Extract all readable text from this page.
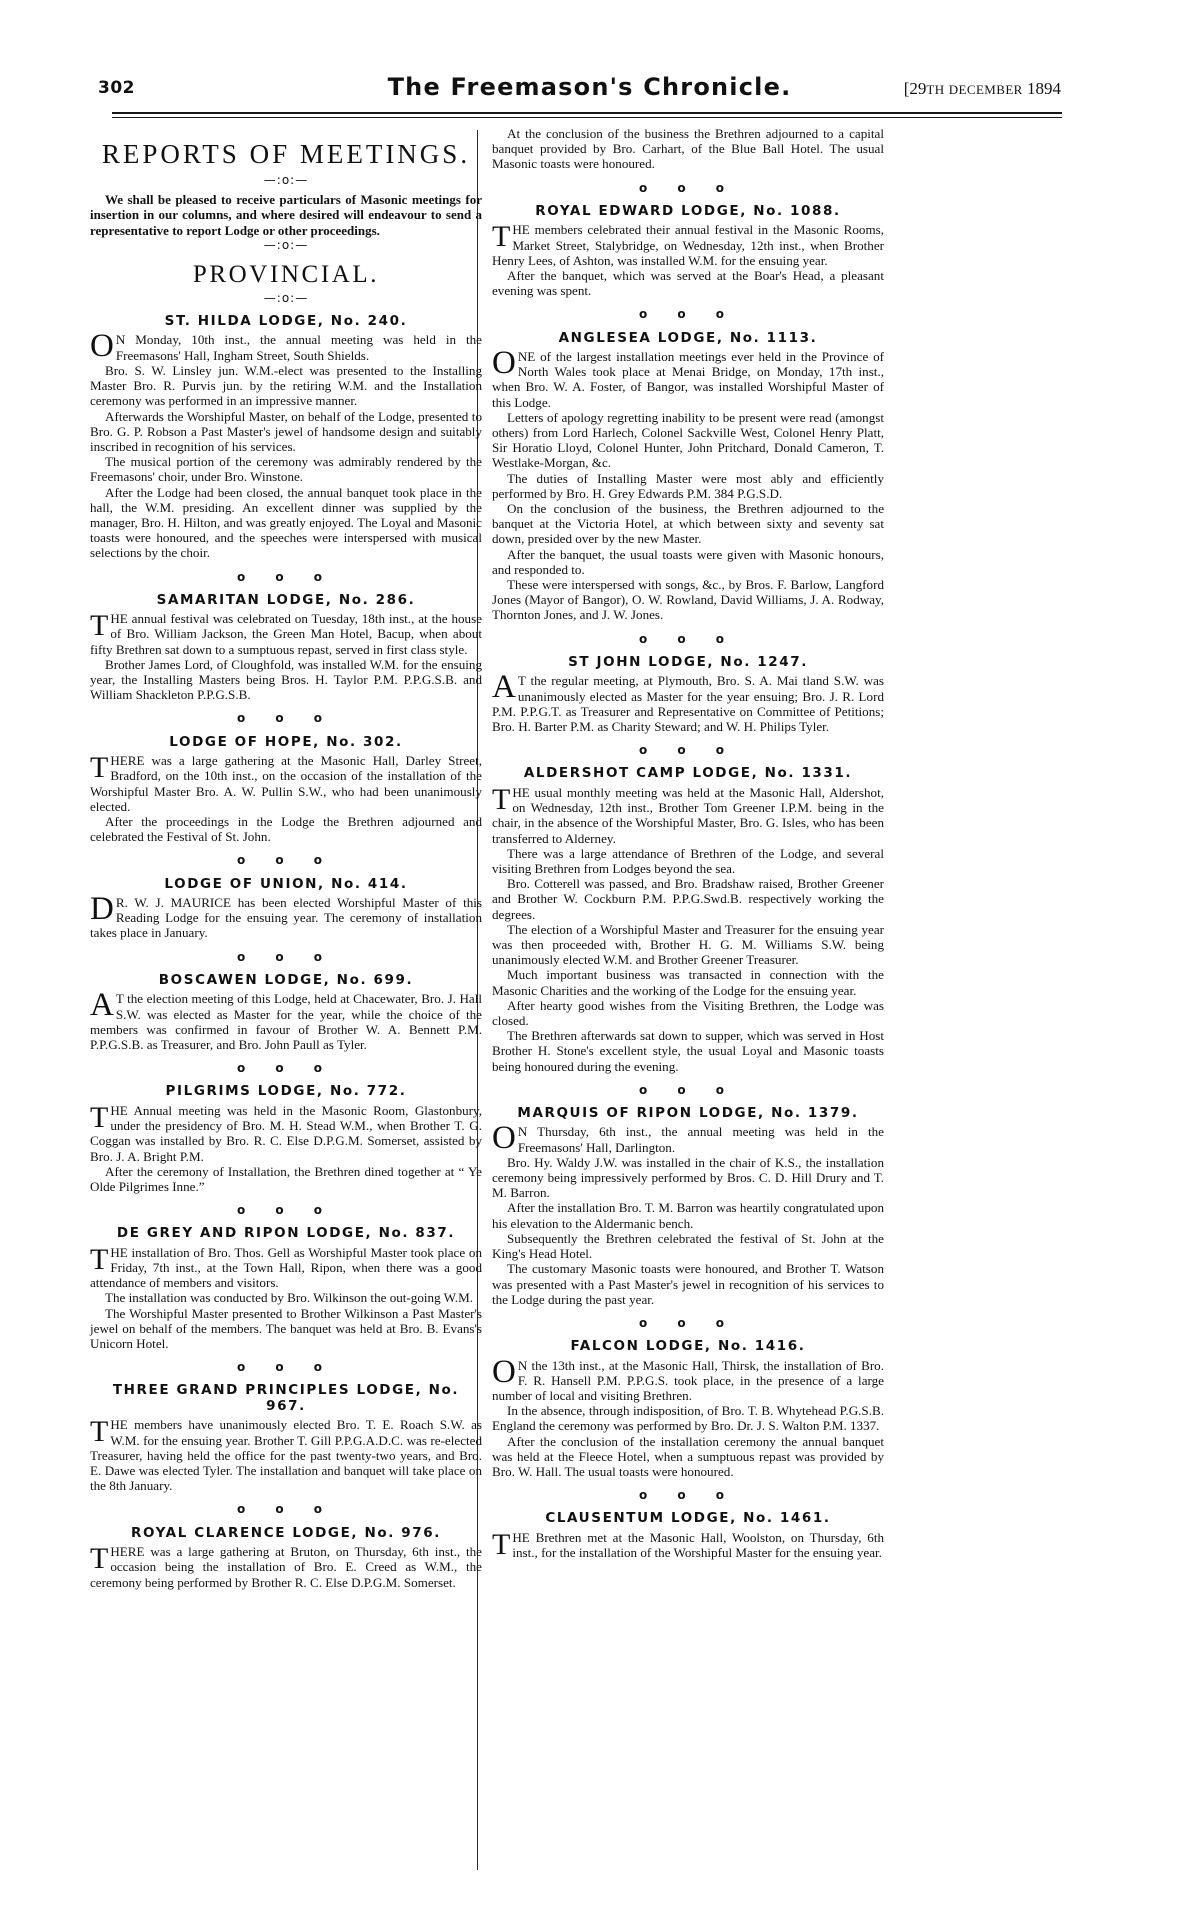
302	The Freemason's Chronicle.	[29TH DECEMBER 1894
REPORTS OF MEETINGS.
—:o:—

We shall be pleased to receive particulars of Masonic meetings for insertion in our columns, and where desired will endeavour to send a representative to report Lodge or other proceedings.

—:o:—
PROVINCIAL.
—:o:—
ST. HILDA LODGE, No. 240.

O N Monday, 10th inst., the annual meeting was held in the Freemasons' Hall, Ingham Street, South Shields.

Bro. S. W. Linsley jun. W.M.-elect was presented to the Installing Master Bro. R. Purvis jun. by the retiring W.M. and the Installation ceremony was performed in an impressive manner.

Afterwards the Worshipful Master, on behalf of the Lodge, presented to Bro. G. P. Robson a Past Master's jewel of handsome design and suitably inscribed in recognition of his services.

The musical portion of the ceremony was admirably rendered by the Freemasons' choir, under Bro. Winstone.

After the Lodge had been closed, the annual banquet took place in the hall, the W.M. presiding. An excellent dinner was supplied by the manager, Bro. H. Hilton, and was greatly enjoyed. The Loyal and Masonic toasts were honoured, and the speeches were interspersed with musical selections by the choir.

o o o
SAMARITAN LODGE, No. 286.

THE annual festival was celebrated on Tuesday, 18th inst., at the house of Bro. William Jackson, the Green Man Hotel, Bacup, when about fifty Brethren sat down to a sumptuous repast, served in first class style.

Brother James Lord, of Cloughfold, was installed W.M. for the ensuing year, the Installing Masters being Bros. H. Taylor P.M. P.P.G.S.B. and William Shackleton P.P.G.S.B.

o o o
LODGE OF HOPE, No. 302.

THERE was a large gathering at the Masonic Hall, Darley Street, Bradford, on the 10th inst., on the occasion of the installation of the Worshipful Master Bro. A. W. Pullin S.W., who had been unanimously elected.

After the proceedings in the Lodge the Brethren adjourned and celebrated the Festival of St. John.

o o o
LODGE OF UNION, No. 414.

D R. W. J. MAURICE has been elected Worshipful Master of this Reading Lodge for the ensuing year. The ceremony of installation takes place in January.

o o o
BOSCAWEN LODGE, No. 699.

A T the election meeting of this Lodge, held at Chacewater, Bro. J. Hall S.W. was elected as Master for the year, while the choice of the members was confirmed in favour of Brother W. A. Bennett P.M. P.P.G.S.B. as Treasurer, and Bro. John Paull as Tyler.

o o o
PILGRIMS LODGE, No. 772.

THE Annual meeting was held in the Masonic Room, Glastonbury, under the presidency of Bro. M. H. Stead W.M., when Brother T. G. Coggan was installed by Bro. R. C. Else D.P.G.M. Somerset, assisted by Bro. J. A. Bright P.M.

After the ceremony of Installation, the Brethren dined together at “ Ye Olde Pilgrimes Inne.”

o o o
DE GREY AND RIPON LODGE, No. 837.

THE installation of Bro. Thos. Gell as Worshipful Master took place on Friday, 7th inst., at the Town Hall, Ripon, when there was a good attendance of members and visitors.

The installation was conducted by Bro. Wilkinson the out-going W.M.

The Worshipful Master presented to Brother Wilkinson a Past Master's jewel on behalf of the members. The banquet was held at Bro. B. Evans's Unicorn Hotel.

o o o
THREE GRAND PRINCIPLES LODGE, No. 967.

THE members have unanimously elected Bro. T. E. Roach S.W. as W.M. for the ensuing year. Brother T. Gill P.P.G.A.D.C. was re-elected Treasurer, having held the office for the past twenty-two years, and Bro. E. Dawe was elected Tyler. The installation and banquet will take place on the 8th January.

o o o
ROYAL CLARENCE LODGE, No. 976.

THERE was a large gathering at Bruton, on Thursday, 6th inst., the occasion being the installation of Bro. E. Creed as W.M., the ceremony being performed by Brother R. C. Else D.P.G.M. Somerset.

At the conclusion of the business the Brethren adjourned to a capital banquet provided by Bro. Carhart, of the Blue Ball Hotel. The usual Masonic toasts were honoured.

o o o
ROYAL EDWARD LODGE, No. 1088.

THE members celebrated their annual festival in the Masonic Rooms, Market Street, Stalybridge, on Wednesday, 12th inst., when Brother Henry Lees, of Ashton, was installed W.M. for the ensuing year.

After the banquet, which was served at the Boar's Head, a pleasant evening was spent.

o o o
ANGLESEA LODGE, No. 1113.

ONE of the largest installation meetings ever held in the Province of North Wales took place at Menai Bridge, on Monday, 17th inst., when Bro. W. A. Foster, of Bangor, was installed Worshipful Master of this Lodge.

Letters of apology regretting inability to be present were read (amongst others) from Lord Harlech, Colonel Sackville West, Colonel Henry Platt, Sir Horatio Lloyd, Colonel Hunter, John Pritchard, Donald Cameron, T. Westlake-Morgan, &c.

The duties of Installing Master were most ably and efficiently performed by Bro. H. Grey Edwards P.M. 384 P.G.S.D.

On the conclusion of the business, the Brethren adjourned to the banquet at the Victoria Hotel, at which between sixty and seventy sat down, presided over by the new Master.

After the banquet, the usual toasts were given with Masonic honours, and responded to.

These were interspersed with songs, &c., by Bros. F. Barlow, Langford Jones (Mayor of Bangor), O. W. Rowland, David Williams, J. A. Rodway, Thornton Jones, and J. W. Jones.

o o o
ST JOHN LODGE, No. 1247.

A T the regular meeting, at Plymouth, Bro. S. A. Mai tland S.W. was unanimously elected as Master for the year ensuing; Bro. J. R. Lord P.M. P.P.G.T. as Treasurer and Representative on Committee of Petitions; Bro. H. Barter P.M. as Charity Steward; and W. H. Philips Tyler.

o o o
ALDERSHOT CAMP LODGE, No. 1331.

THE usual monthly meeting was held at the Masonic Hall, Aldershot, on Wednesday, 12th inst., Brother Tom Greener I.P.M. being in the chair, in the absence of the Worshipful Master, Bro. G. Isles, who has been transferred to Alderney.

There was a large attendance of Brethren of the Lodge, and several visiting Brethren from Lodges beyond the sea.

Bro. Cotterell was passed, and Bro. Bradshaw raised, Brother Greener and Brother W. Cockburn P.M. P.P.G.Swd.B. respectively working the degrees.

The election of a Worshipful Master and Treasurer for the ensuing year was then proceeded with, Brother H. G. M. Williams S.W. being unanimously elected W.M. and Brother Greener Treasurer.

Much important business was transacted in connection with the Masonic Charities and the working of the Lodge for the ensuing year.

After hearty good wishes from the Visiting Brethren, the Lodge was closed.

The Brethren afterwards sat down to supper, which was served in Host Brother H. Stone's excellent style, the usual Loyal and Masonic toasts being honoured during the evening.

o o o
MARQUIS OF RIPON LODGE, No. 1379.

O N Thursday, 6th inst., the annual meeting was held in the Freemasons' Hall, Darlington.

Bro. Hy. Waldy J.W. was installed in the chair of K.S., the installation ceremony being impressively performed by Bros. C. D. Hill Drury and T. M. Barron.

After the installation Bro. T. M. Barron was heartily congratulated upon his elevation to the Aldermanic bench.

Subsequently the Brethren celebrated the festival of St. John at the King's Head Hotel.

The customary Masonic toasts were honoured, and Brother T. Watson was presented with a Past Master's jewel in recognition of his services to the Lodge during the past year.

o o o
FALCON LODGE, No. 1416.

O N the 13th inst., at the Masonic Hall, Thirsk, the installation of Bro. F. R. Hansell P.M. P.P.G.S. took place, in the presence of a large number of local and visiting Brethren.

In the absence, through indisposition, of Bro. T. B. Whytehead P.G.S.B. England the ceremony was performed by Bro. Dr. J. S. Walton P.M. 1337.

After the conclusion of the installation ceremony the annual banquet was held at the Fleece Hotel, when a sumptuous repast was provided by Bro. W. Hall. The usual toasts were honoured.

o o o
CLAUSENTUM LODGE, No. 1461.

THE Brethren met at the Masonic Hall, Woolston, on Thursday, 6th inst., for the installation of the Worshipful Master for the ensuing year.
